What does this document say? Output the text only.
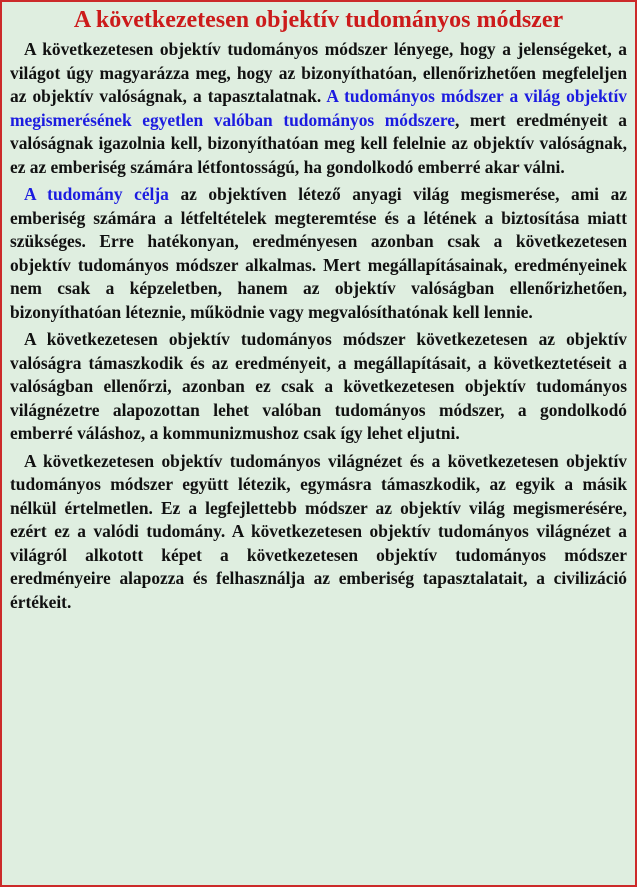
A következetesen objektív tudományos módszer

A következetesen objektív tudományos módszer lényege, hogy a jelenségeket, a világot úgy magyarázza meg, hogy az bizonyíthatóan, ellenőrizhetően megfeleljen az objektív valóságnak, a tapasztalatnak. A tudományos módszer a világ objektív megismerésének egyetlen valóban tudományos módszere, mert eredményeit a valóságnak igazolnia kell, bizonyíthatóan meg kell felelnie az objektív valóságnak, ez az emberiség számára létfontosságú, ha gondolkodó emberré akar válni.

A tudomány célja az objektíven létező anyagi világ megismerése, ami az emberiség számára a létfeltételek megteremtése és a létének a biztosítása miatt szükséges. Erre hatékonyan, eredményesen azonban csak a következetesen objektív tudományos módszer alkalmas. Mert megállapításainak, eredményeinek nem csak a képzeletben, hanem az objektív valóságban ellenőrizhetően, bizonyíthatóan léteznie, működnie vagy megvalósíthatónak kell lennie.

A következetesen objektív tudományos módszer következetesen az objektív valóságra támaszkodik és az eredményeit, a megállapításait, a következtetéseit a valóságban ellenőrzi, azonban ez csak a következetesen objektív tudományos világnézetre alapozottan lehet valóban tudományos módszer, a gondolkodó emberré váláshoz, a kommunizmushoz csak így lehet eljutni.

A következetesen objektív tudományos világnézet és a következetesen objektív tudományos módszer együtt létezik, egymásra támaszkodik, az egyik a másik nélkül értelmetlen. Ez a legfejlettebb módszer az objektív világ megismerésére, ezért ez a valódi tudomány. A következetesen objektív tudományos világnézet a világról alkotott képet a következetesen objektív tudományos módszer eredményeire alapozza és felhasználja az emberiség tapasztalatait, a civilizáció értékeit.
